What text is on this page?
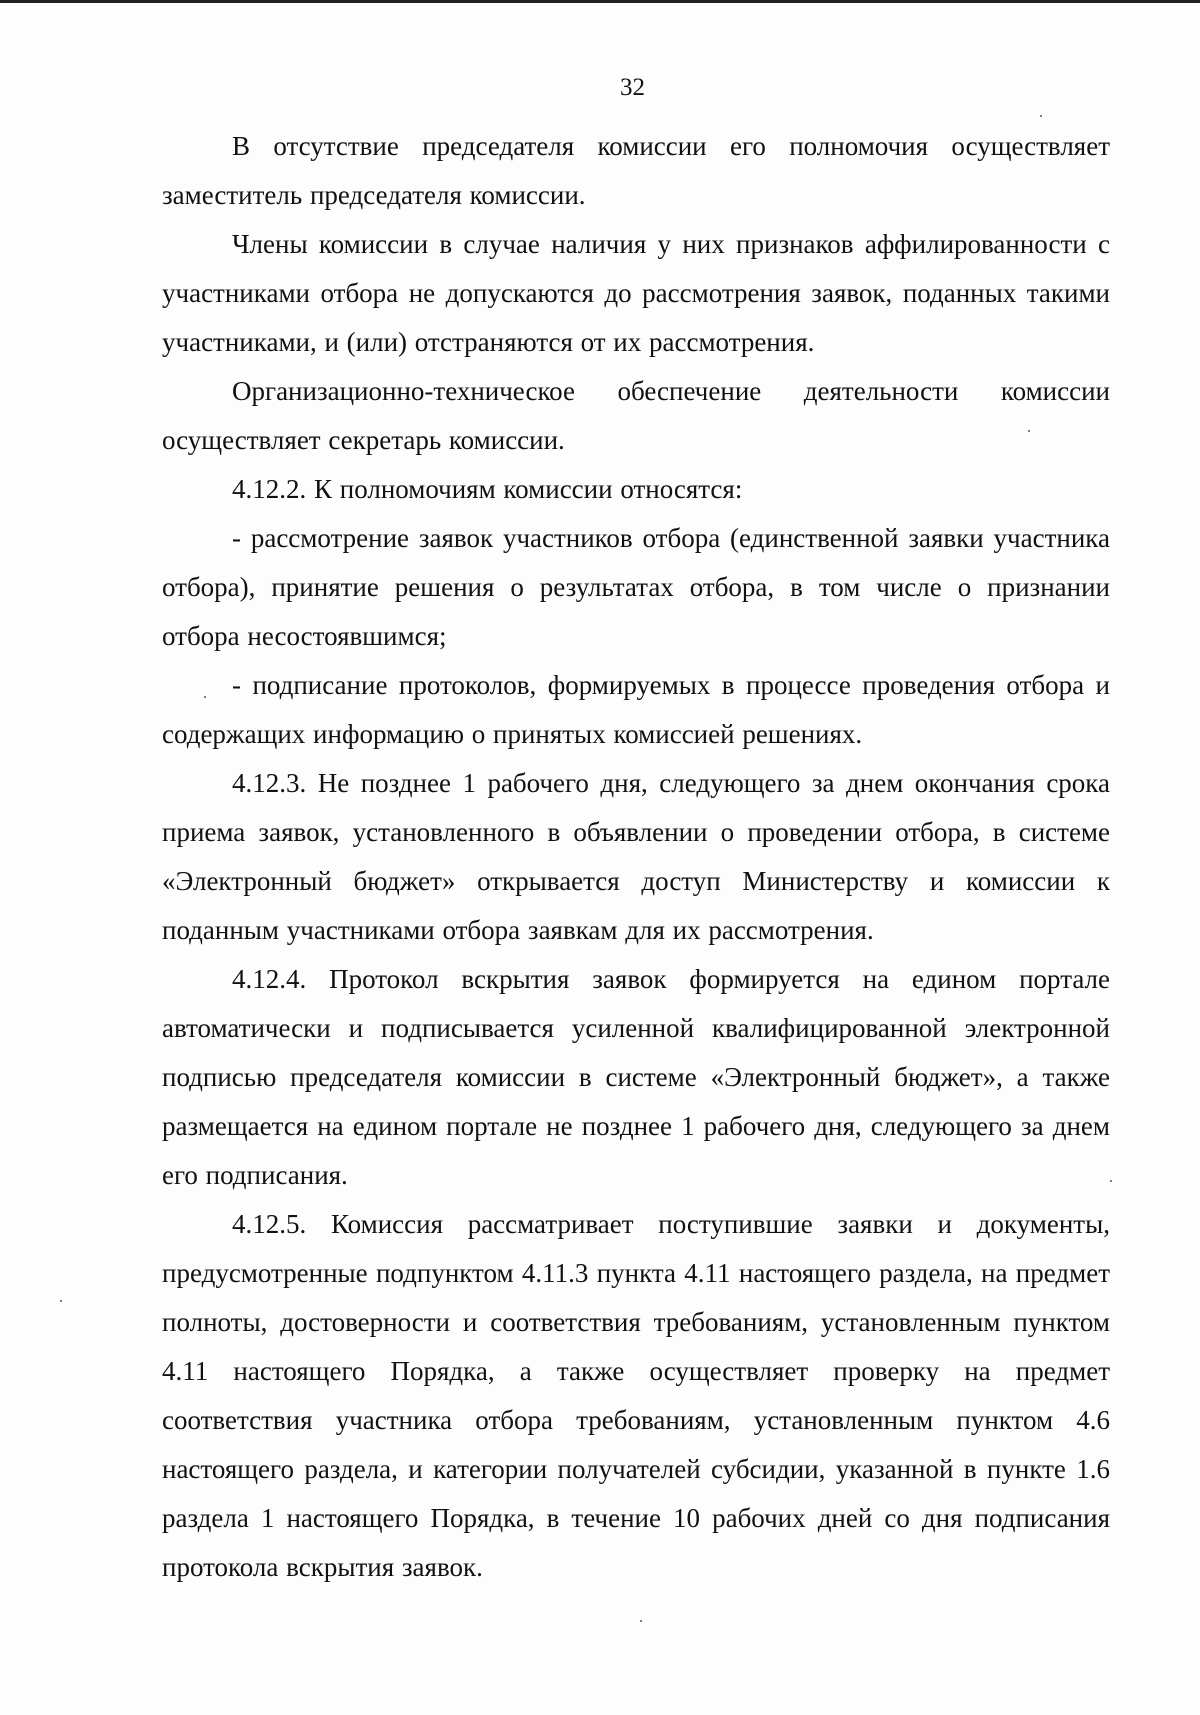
32

В отсутствие председателя комиссии его полномочия осуществляет заместитель председателя комиссии.

Члены комиссии в случае наличия у них признаков аффилированности с участниками отбора не допускаются до рассмотрения заявок, поданных такими участниками, и (или) отстраняются от их рассмотрения.

Организационно-техническое обеспечение деятельности комиссии осуществляет секретарь комиссии.

4.12.2. К полномочиям комиссии относятся:

- рассмотрение заявок участников отбора (единственной заявки участника отбора), принятие решения о результатах отбора, в том числе о признании отбора несостоявшимся;

- подписание протоколов, формируемых в процессе проведения отбора и содержащих информацию о принятых комиссией решениях.

4.12.3. Не позднее 1 рабочего дня, следующего за днем окончания срока приема заявок, установленного в объявлении о проведении отбора, в системе «Электронный бюджет» открывается доступ Министерству и комиссии к поданным участниками отбора заявкам для их рассмотрения.

4.12.4. Протокол вскрытия заявок формируется на едином портале автоматически и подписывается усиленной квалифицированной электронной подписью председателя комиссии в системе «Электронный бюджет», а также размещается на едином портале не позднее 1 рабочего дня, следующего за днем его подписания.

4.12.5. Комиссия рассматривает поступившие заявки и документы, предусмотренные подпунктом 4.11.3 пункта 4.11 настоящего раздела, на предмет полноты, достоверности и соответствия требованиям, установленным пунктом 4.11 настоящего Порядка, а также осуществляет проверку на предмет соответствия участника отбора требованиям, установленным пунктом 4.6 настоящего раздела, и категории получателей субсидии, указанной в пункте 1.6 раздела 1 настоящего Порядка, в течение 10 рабочих дней со дня подписания протокола вскрытия заявок.
